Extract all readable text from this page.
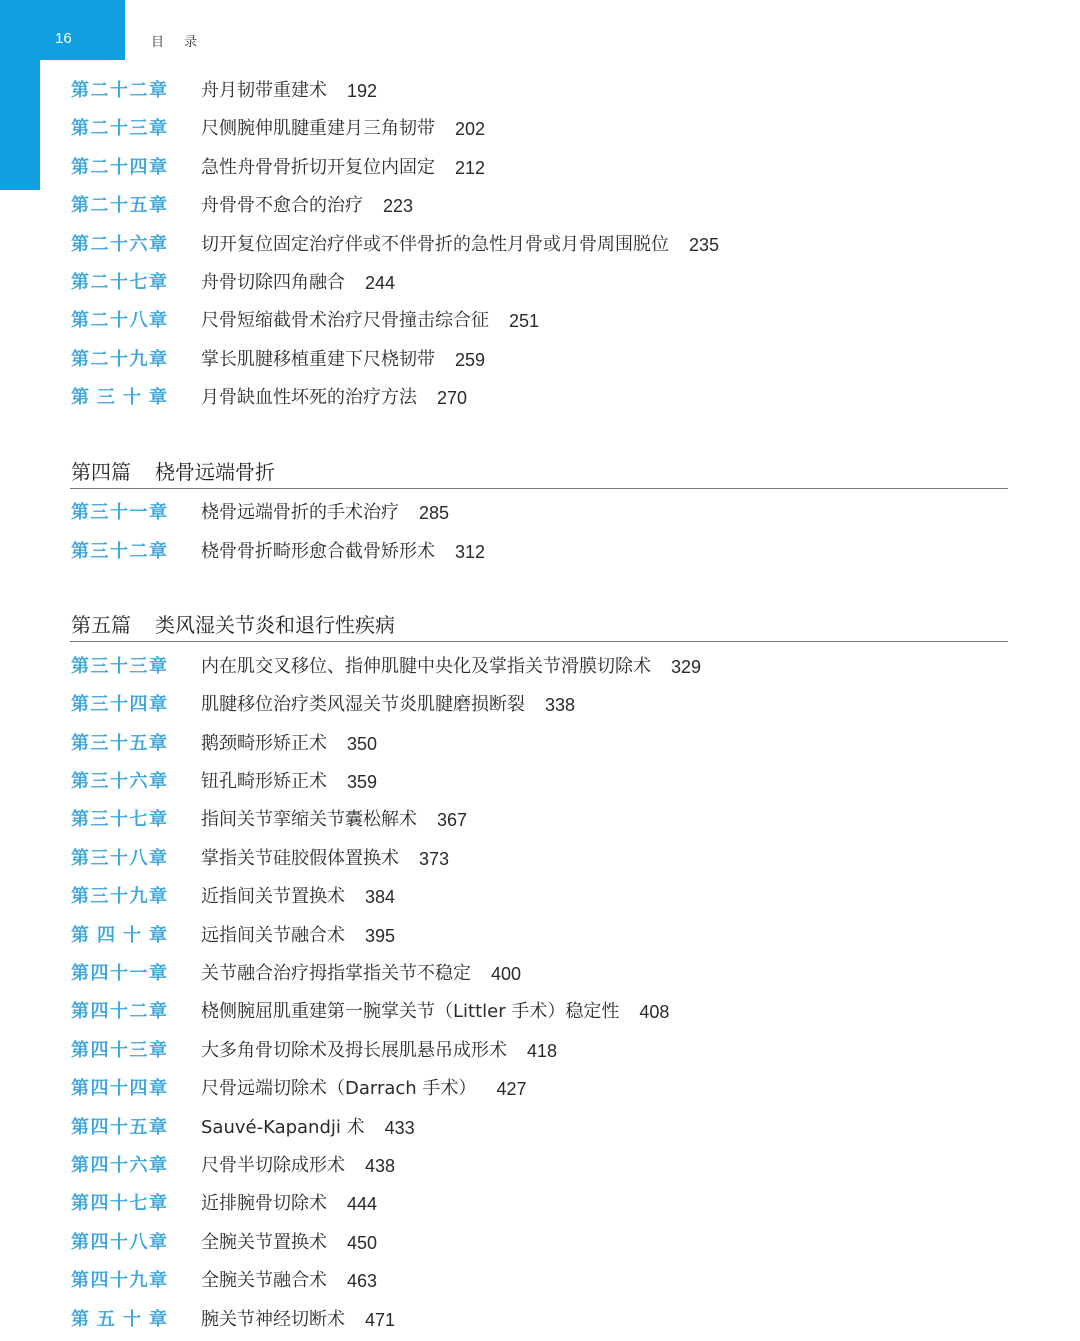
16	目 录
第二十二章 舟月韧带重建术 192
第二十三章 尺侧腕伸肌腱重建月三角韧带 202
第二十四章 急性舟骨骨折切开复位内固定 212
第二十五章 舟骨骨不愈合的治疗 223
第二十六章 切开复位固定治疗伴或不伴骨折的急性月骨或月骨周围脱位 235
第二十七章 舟骨切除四角融合 244
第二十八章 尺骨短缩截骨术治疗尺骨撞击综合征 251
第二十九章 掌长肌腱移植重建下尺桡韧带 259
第 三 十 章 月骨缺血性坏死的治疗方法 270
第四篇 桡骨远端骨折
第三十一章 桡骨远端骨折的手术治疗 285
第三十二章 桡骨骨折畸形愈合截骨矫形术 312
第五篇 类风湿关节炎和退行性疾病
第三十三章 内在肌交叉移位、指伸肌腱中央化及掌指关节滑膜切除术 329
第三十四章 肌腱移位治疗类风湿关节炎肌腱磨损断裂 338
第三十五章 鹅颈畸形矫正术 350
第三十六章 钮孔畸形矫正术 359
第三十七章 指间关节挛缩关节囊松解术 367
第三十八章 掌指关节硅胶假体置换术 373
第三十九章 近指间关节置换术 384
第 四 十 章 远指间关节融合术 395
第四十一章 关节融合治疗拇指掌指关节不稳定 400
第四十二章 桡侧腕屈肌重建第一腕掌关节（Littler 手术）稳定性 408
第四十三章 大多角骨切除术及拇长展肌悬吊成形术 418
第四十四章 尺骨远端切除术（Darrach 手术） 427
第四十五章 Sauvé-Kapandji 术 433
第四十六章 尺骨半切除成形术 438
第四十七章 近排腕骨切除术 444
第四十八章 全腕关节置换术 450
第四十九章 全腕关节融合术 463
第 五 十 章 腕关节神经切断术 471
